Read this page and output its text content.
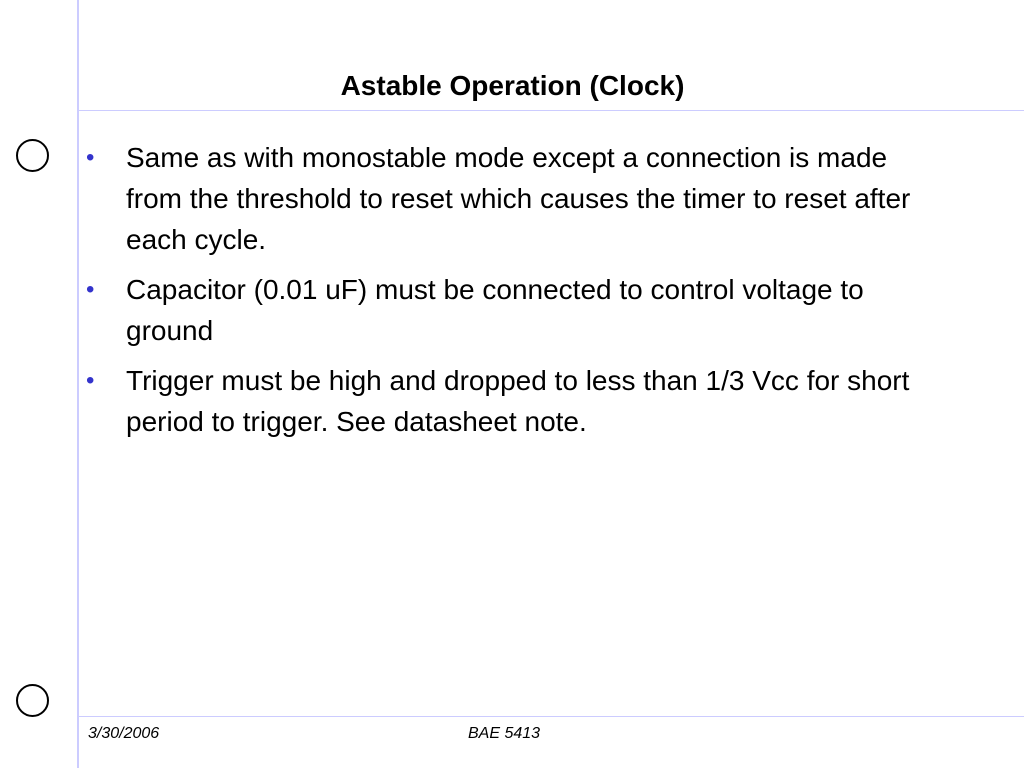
Astable Operation (Clock)
• Same as with monostable mode except a connection is made from the threshold to reset which causes the timer to reset after each cycle.
• Capacitor (0.01 uF) must be connected to control voltage to ground
• Trigger must be high and dropped to less than 1/3 Vcc for short period to trigger. See datasheet note.
3/30/2006	BAE 5413
